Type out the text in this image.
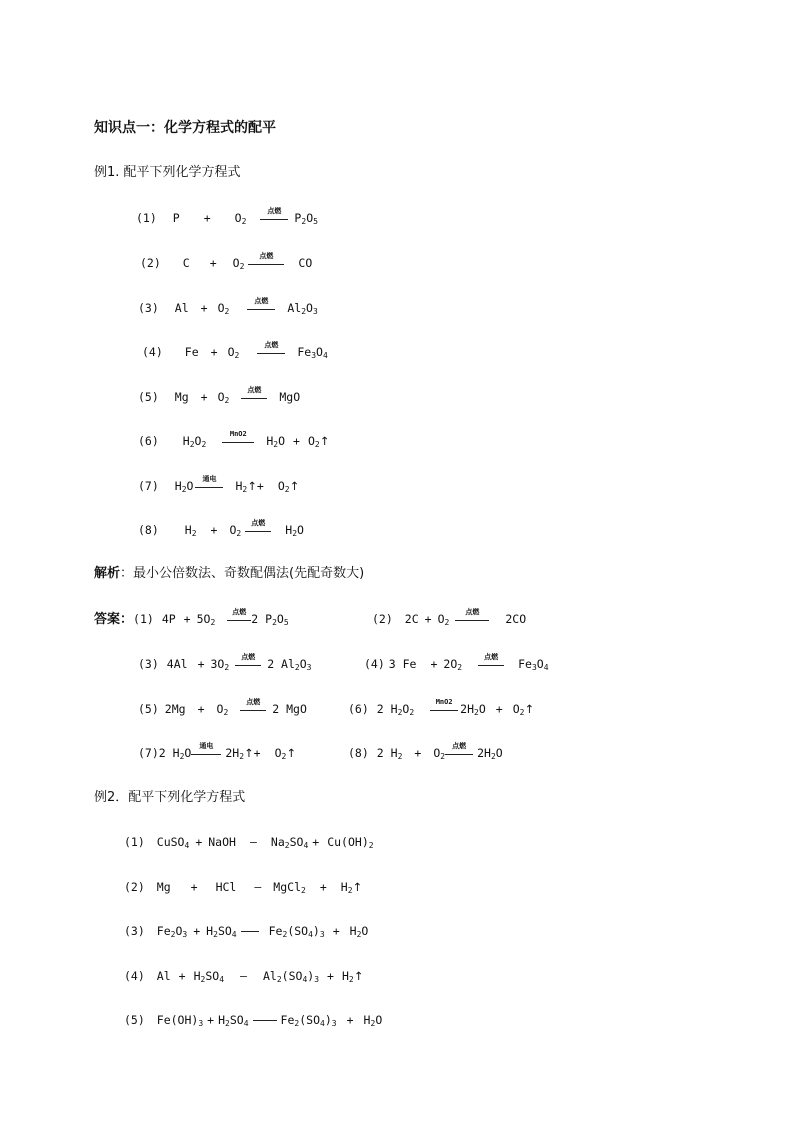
知识点一：化学方程式的配平
例1. 配平下列化学方程式
(1) $P + O_2$
点燃	$P_2O_5$
(2) $C + O_2$
点燃	CO
(3) $Al + O_2$
点燃	$Al_2O_3$
(4) $Fe + O_2$
点燃	$Fe_3O_4$
(5) $Mg + O_2$
点燃	MgO
(6) $H_2O_2$
MnO2	$H_2O$ + $O_2↑$
(7) $H_2O$	通电	$H_2↑+$ $O_2↑$
(8) $H_2 + O_2$
点燃	$H_2O$
解析：最小公倍数法、奇数配偶法(先配奇数大)
答案：(1) $4P + 5O_2$
点燃 2 $P_2O_5$	(2) $2C + O_2$
点燃	2CO
(3) $4Al + 3O_2$
点燃	2 $Al_2O_3$	(4) 3 $Fe + 2O_2$
点燃	$Fe_3O_4$
(5) $2Mg + O_2$
点燃	2 MgO	(6) 2 $H_2O_2$
MnO2 $2H_2O$ + $O_2↑$
(7)2 $H_2O$	通电	$2H_2↑+$ $O_2↑$	(8) 2 $H_2 + O_2$
点燃 $2H_2O$
例2．配平下列化学方程式
(1) CuSO$_4$ + NaOH — $Na_2SO_4 + Cu(OH)_2$
(2) Mg + HCl — MgCl$_2$ + $H_2↑$
(3) $Fe_2O_3 + H_2SO_4$	$Fe_2(SO_4)_3 + H_2O$
(4) $Al + H_2SO_4$ — $Al_2(SO_4)_3$ + $H_2↑$
(5) $Fe(OH)_3 + H_2SO_4$	$Fe_2(SO_4)_3 + H_2O$
